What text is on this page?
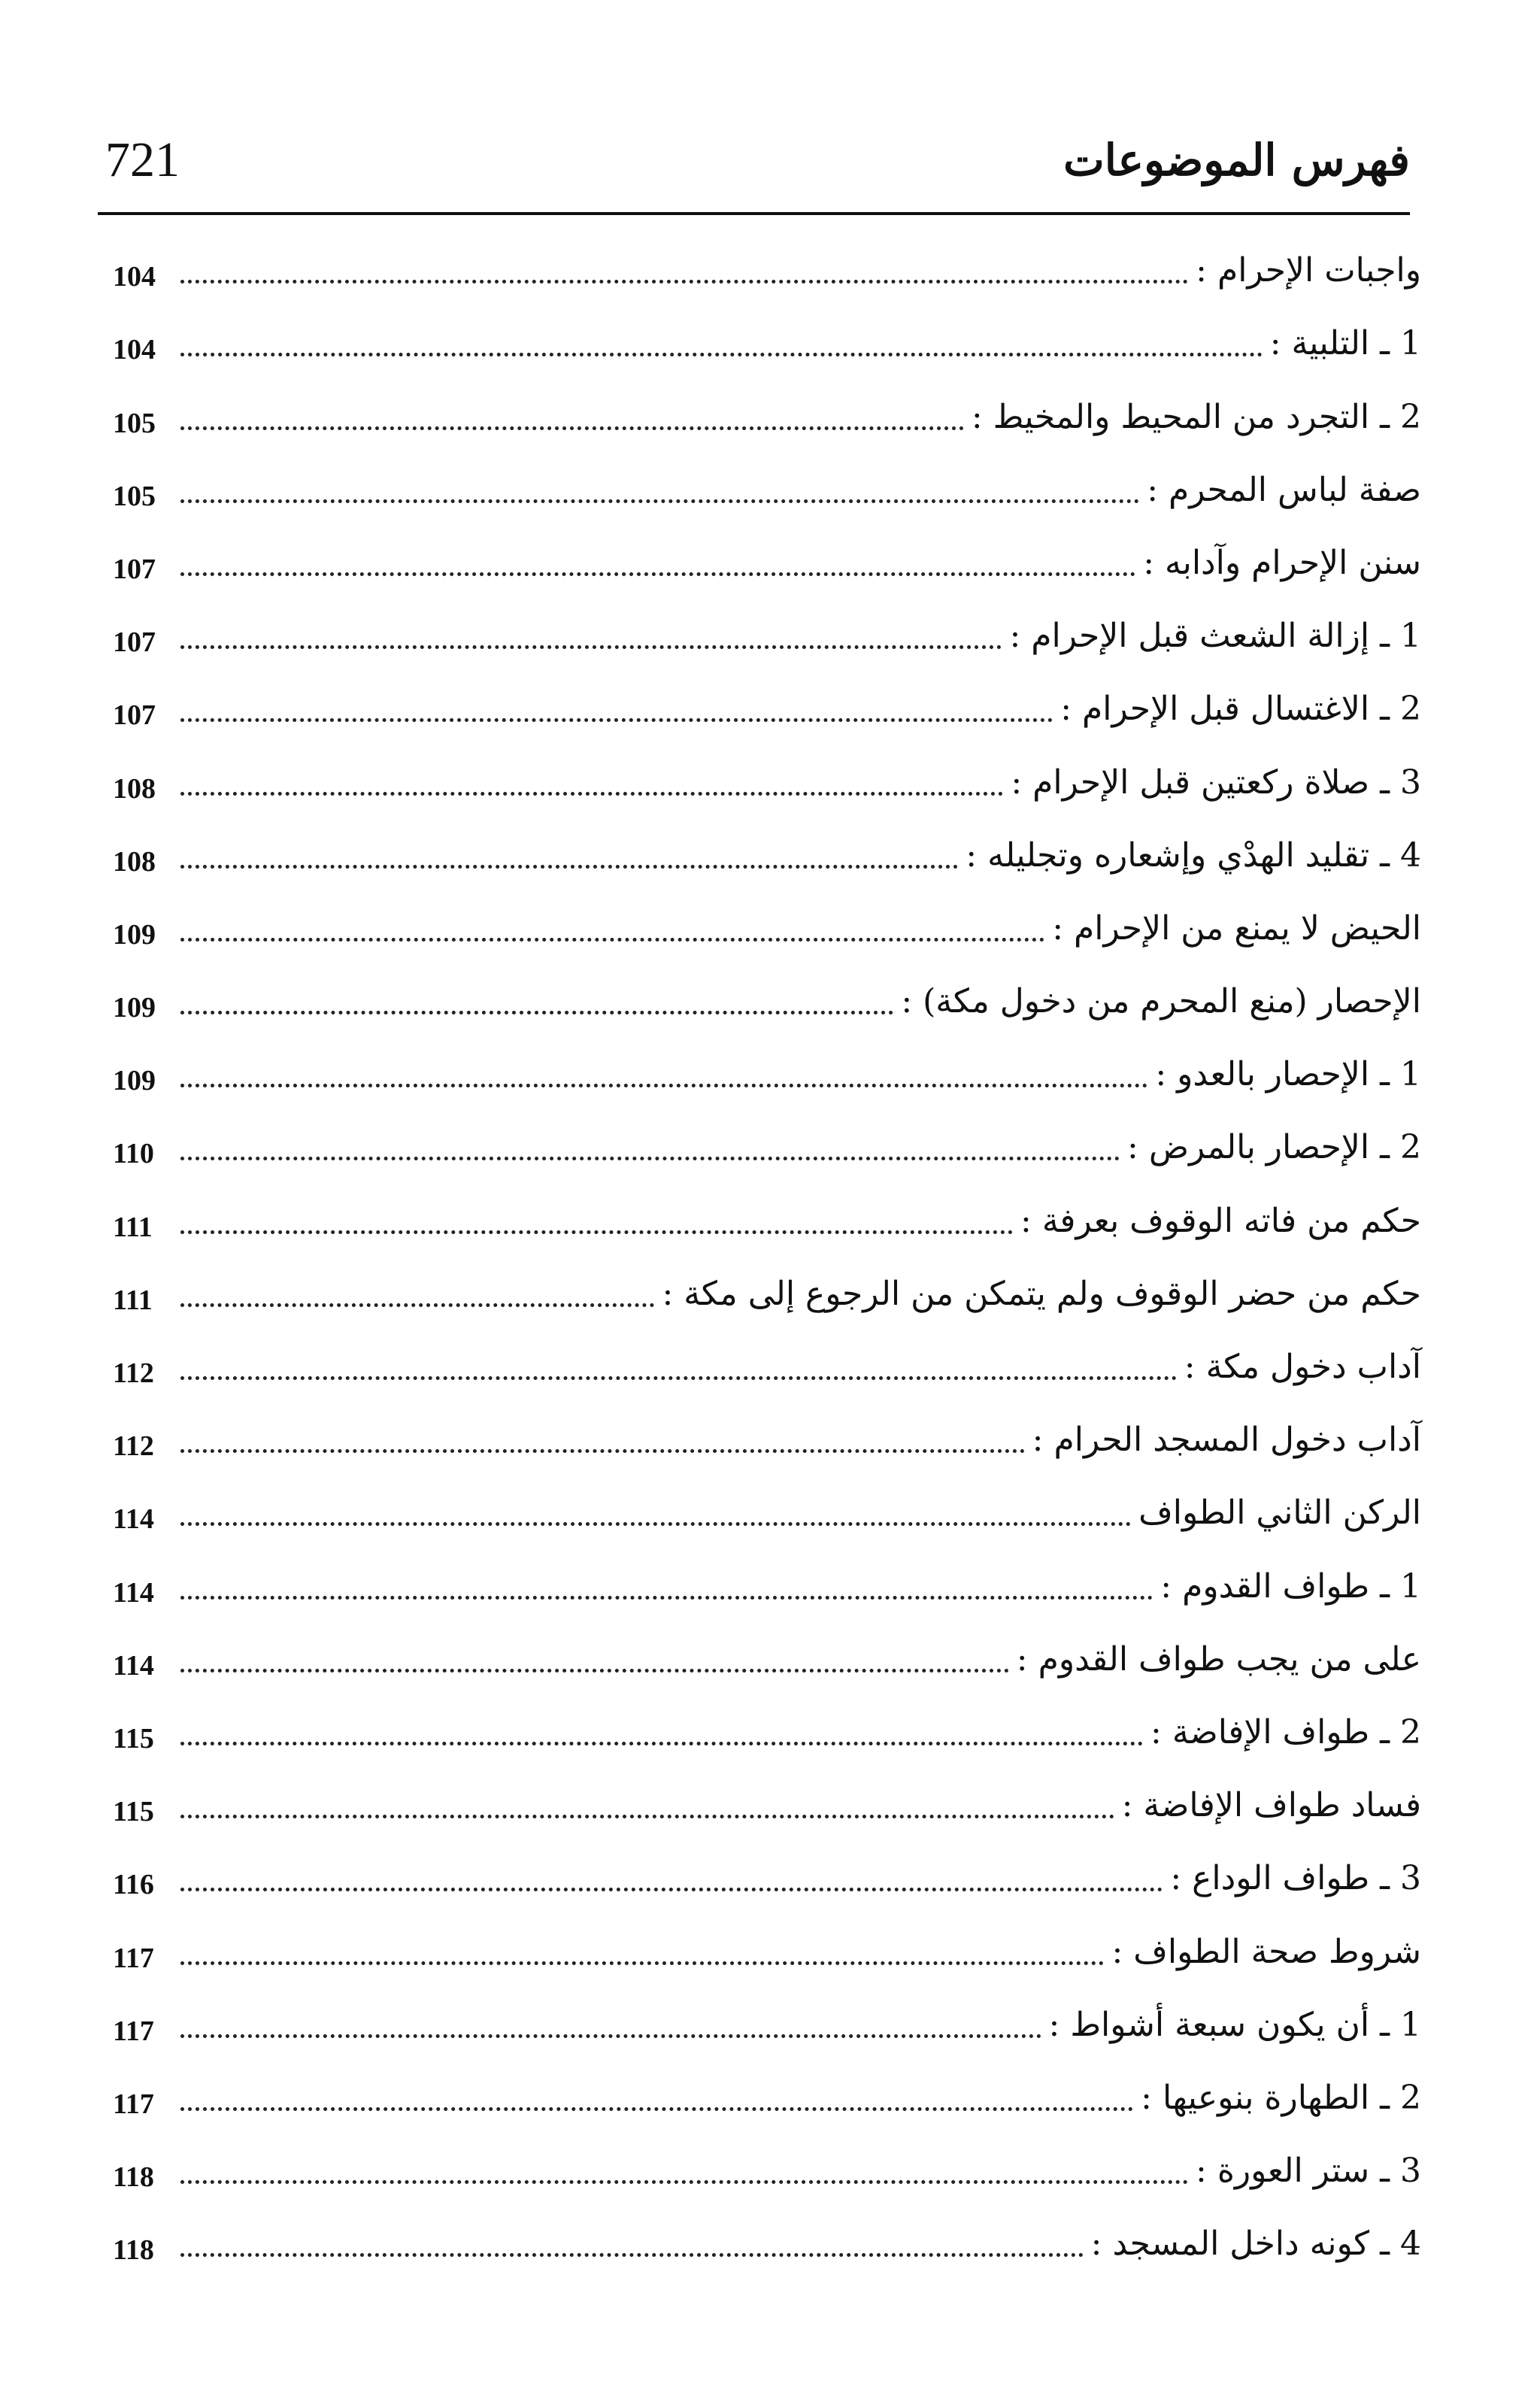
721	فهرس الموضوعات
104	واجبات الإحرام :
104	1 ـ التلبية :
105	2 ـ التجرد من المحيط والمخيط :
105	صفة لباس المحرم :
107	سنن الإحرام وآدابه :
107	1 ـ إزالة الشعث قبل الإحرام :
107	2 ـ الاغتسال قبل الإحرام :
108	3 ـ صلاة ركعتين قبل الإحرام :
108	4 ـ تقليد الهدْي وإشعاره وتجليله :
109	الحيض لا يمنع من الإحرام :
109	الإحصار (منع المحرم من دخول مكة) :
109	1 ـ الإحصار بالعدو :
110	2 ـ الإحصار بالمرض :
111	حكم من فاته الوقوف بعرفة :
111	حكم من حضر الوقوف ولم يتمكن من الرجوع إلى مكة :
112	آداب دخول مكة :
112	آداب دخول المسجد الحرام :
114	الركن الثاني الطواف
114	1 ـ طواف القدوم :
114	على من يجب طواف القدوم :
115	2 ـ طواف الإفاضة :
115	فساد طواف الإفاضة :
116	3 ـ طواف الوداع :
117	شروط صحة الطواف :
117	1 ـ أن يكون سبعة أشواط :
117	2 ـ الطهارة بنوعيها :
118	3 ـ ستر العورة :
118	4 ـ كونه داخل المسجد :
